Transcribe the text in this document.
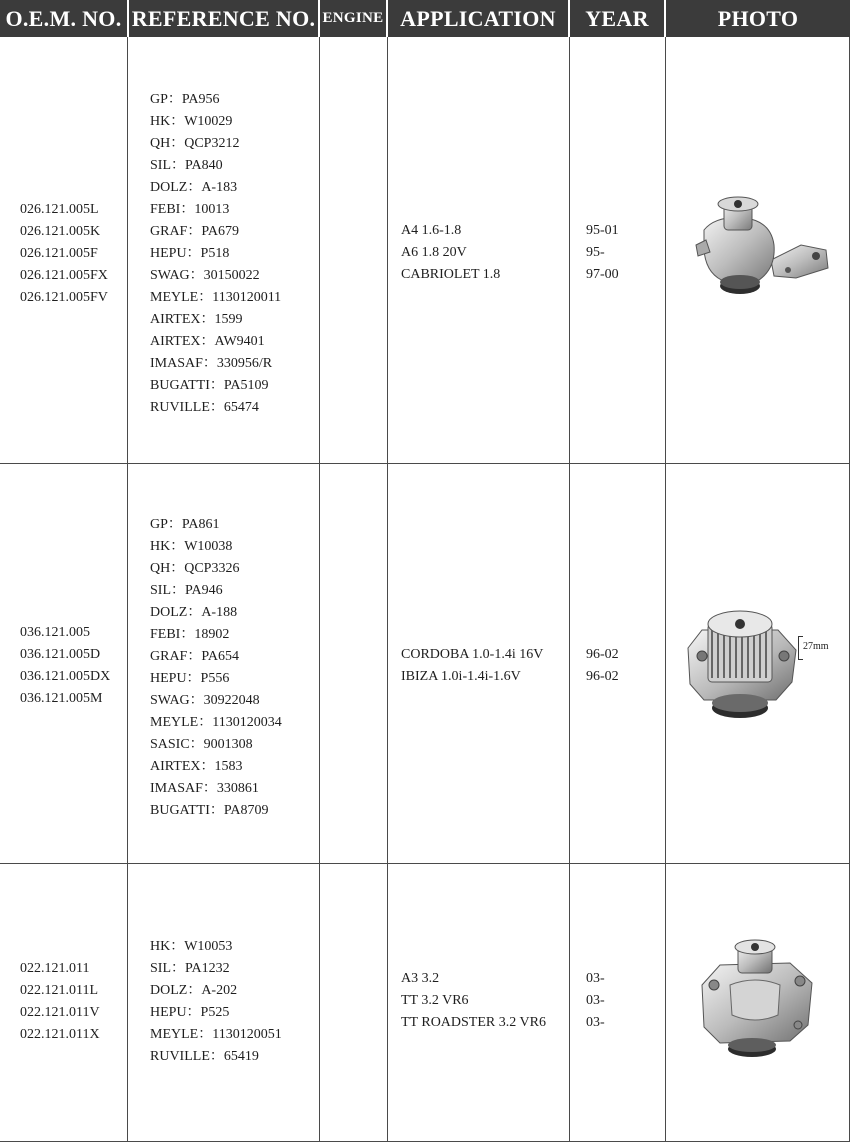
O.E.M. NO. REFERENCE NO. ENGINE APPLICATION	YEAR	PHOTO
026.121.005L
026.121.005K
026.121.005F
026.121.005FX
026.121.005FV
GP：PA956
HK：W10029
QH：QCP3212
SIL：PA840
DOLZ：A-183
FEBI：10013
GRAF：PA679
HEPU：P518
SWAG：30150022
MEYLE：1130120011
AIRTEX：1599
AIRTEX：AW9401
IMASAF：330956/R
BUGATTI：PA5109
RUVILLE：65474
A4 1.6-1.8
A6 1.8 20V
CABRIOLET 1.8
95-01
95-
97-00
036.121.005
036.121.005D
036.121.005DX
036.121.005M
GP：PA861
HK：W10038
QH：QCP3326
SIL：PA946
DOLZ：A-188
FEBI：18902
GRAF：PA654
HEPU：P556
SWAG：30922048
MEYLE：1130120034
SASIC：9001308
AIRTEX：1583
IMASAF：330861
BUGATTI：PA8709
CORDOBA 1.0-1.4i 16V
IBIZA 1.0i-1.4i-1.6V
96-02
96-02
27mm
022.121.011
022.121.011L
022.121.011V
022.121.011X
HK：W10053
SIL：PA1232
DOLZ：A-202
HEPU：P525
MEYLE：1130120051
RUVILLE：65419
A3 3.2
TT 3.2 VR6
TT ROADSTER 3.2 VR6
03-
03-
03-
